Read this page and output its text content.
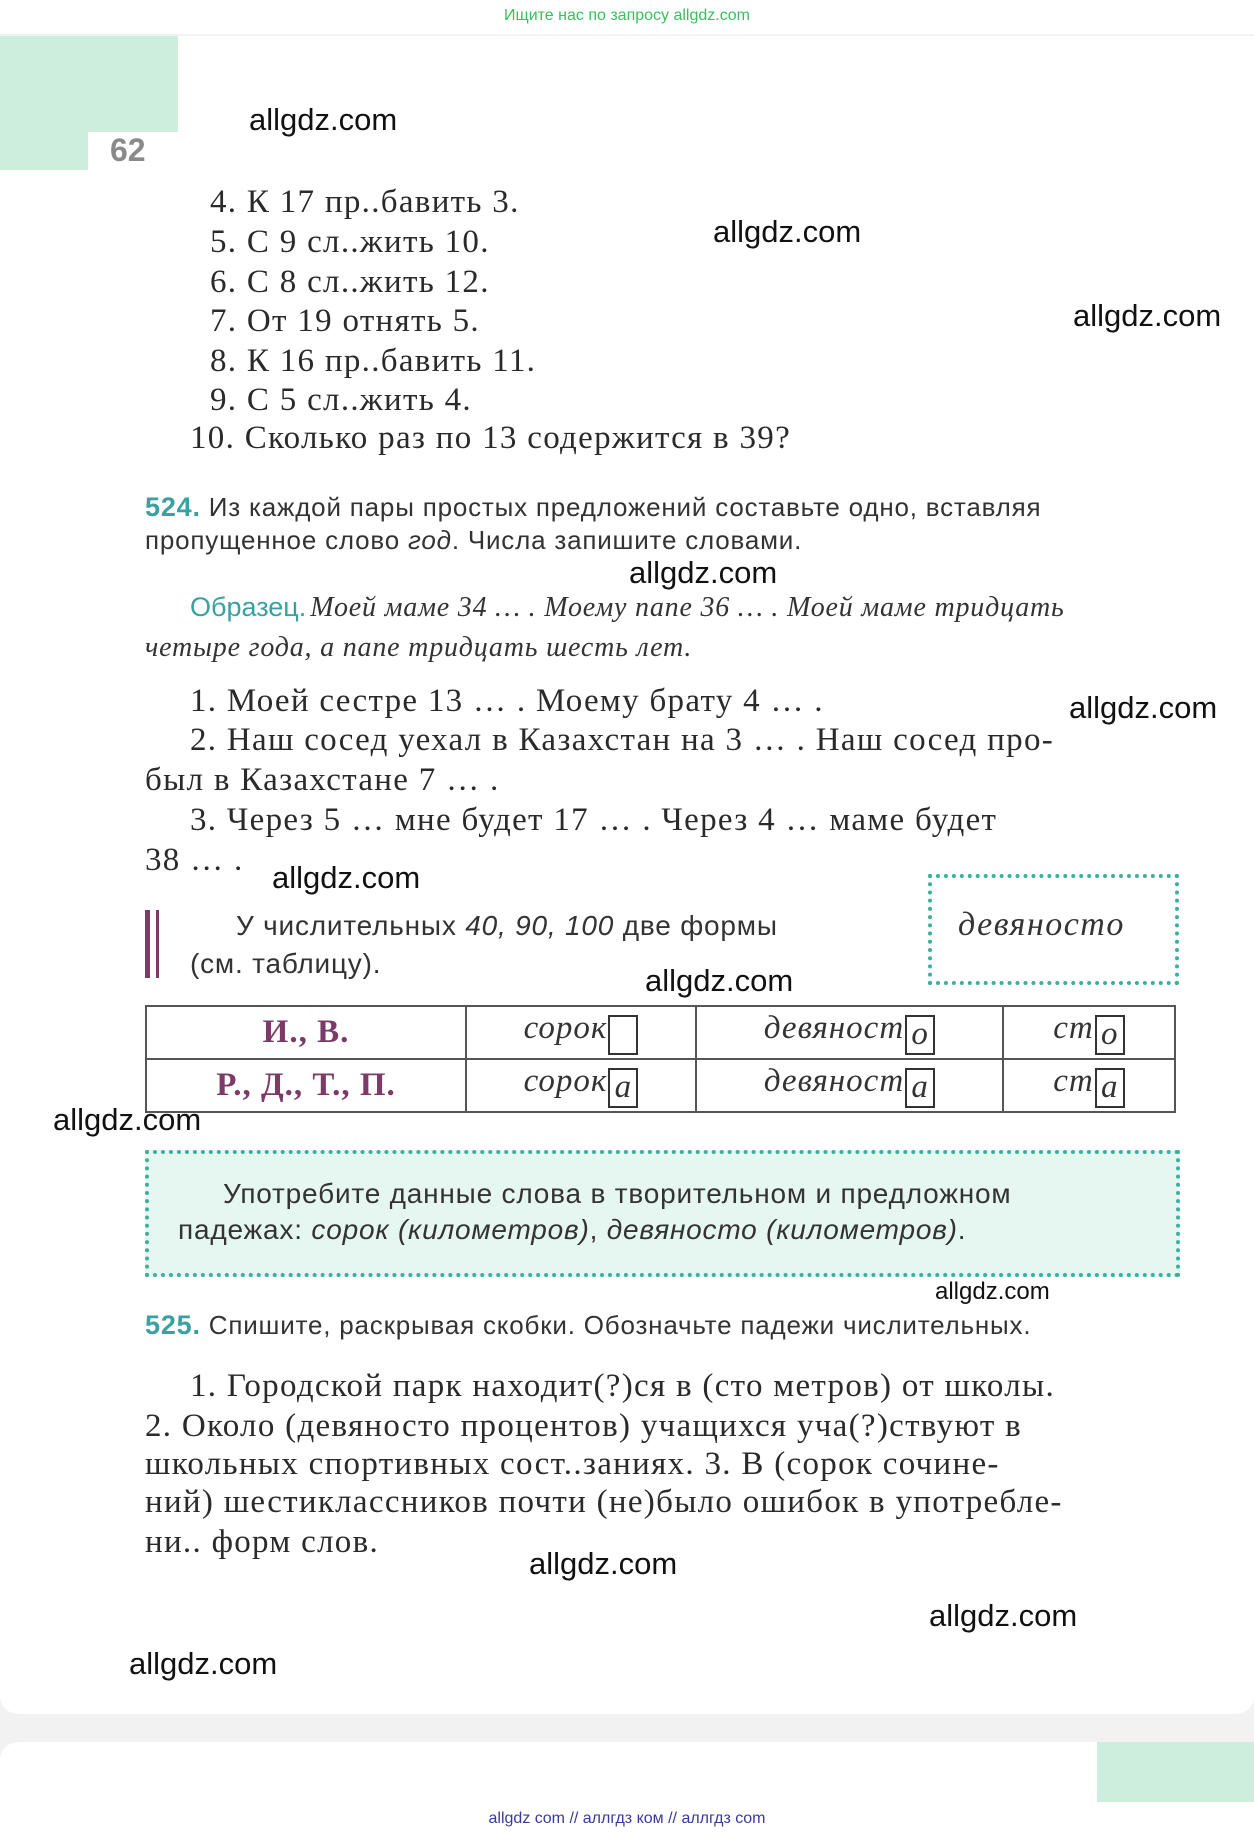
Ищите нас по запросу allgdz.com
62
4. К 17 пр..бавить 3.
5. С 9 сл..жить 10.
6. С 8 сл..жить 12.
7. От 19 отнять 5.
8. К 16 пр..бавить 11.
9. С 5 сл..жить 4.
10. Сколько раз по 13 содержится в 39?
524. Из каждой пары простых предложений составьте одно, вставляя
пропущенное слово год. Числа запишите словами.
Образец. Моей маме 34 … . Моему папе 36 … . Моей маме тридцать
четыре года, а папе тридцать шесть лет.
1. Моей сестре 13 … . Моему брату 4 … .
2. Наш сосед уехал в Казахстан на 3 … . Наш сосед про-
был в Казахстане 7 … .
3. Через 5 … мне будет 17 … . Через 4 … маме будет
38 … .
У числительных 40, 90, 100 две формы
(см. таблицу).
девяносто
И., В.	сорок	девяност о	ст о
Р., Д., Т., П.	сорок а	девяност а	ст а
Употребите данные слова в творительном и предложном
падежах: сорок (километров), девяносто (километров).
525. Спишите, раскрывая скобки. Обозначьте падежи числительных.
1. Городской парк находит(?)ся в (сто метров) от школы.
2. Около (девяносто процентов) учащихся уча(?)ствуют в
школьных спортивных сост..заниях. 3. В (сорок сочине-
ний) шестиклассников почти (не)было ошибок в употребле-
ни.. форм слов.
allgdz.com
allgdz.com
allgdz.com
allgdz.com
allgdz.com
allgdz.com
allgdz.com
allgdz.com
allgdz.com
allgdz.com
allgdz.com
allgdz.com
allgdz com // аллгдз ком // аллгдз com
